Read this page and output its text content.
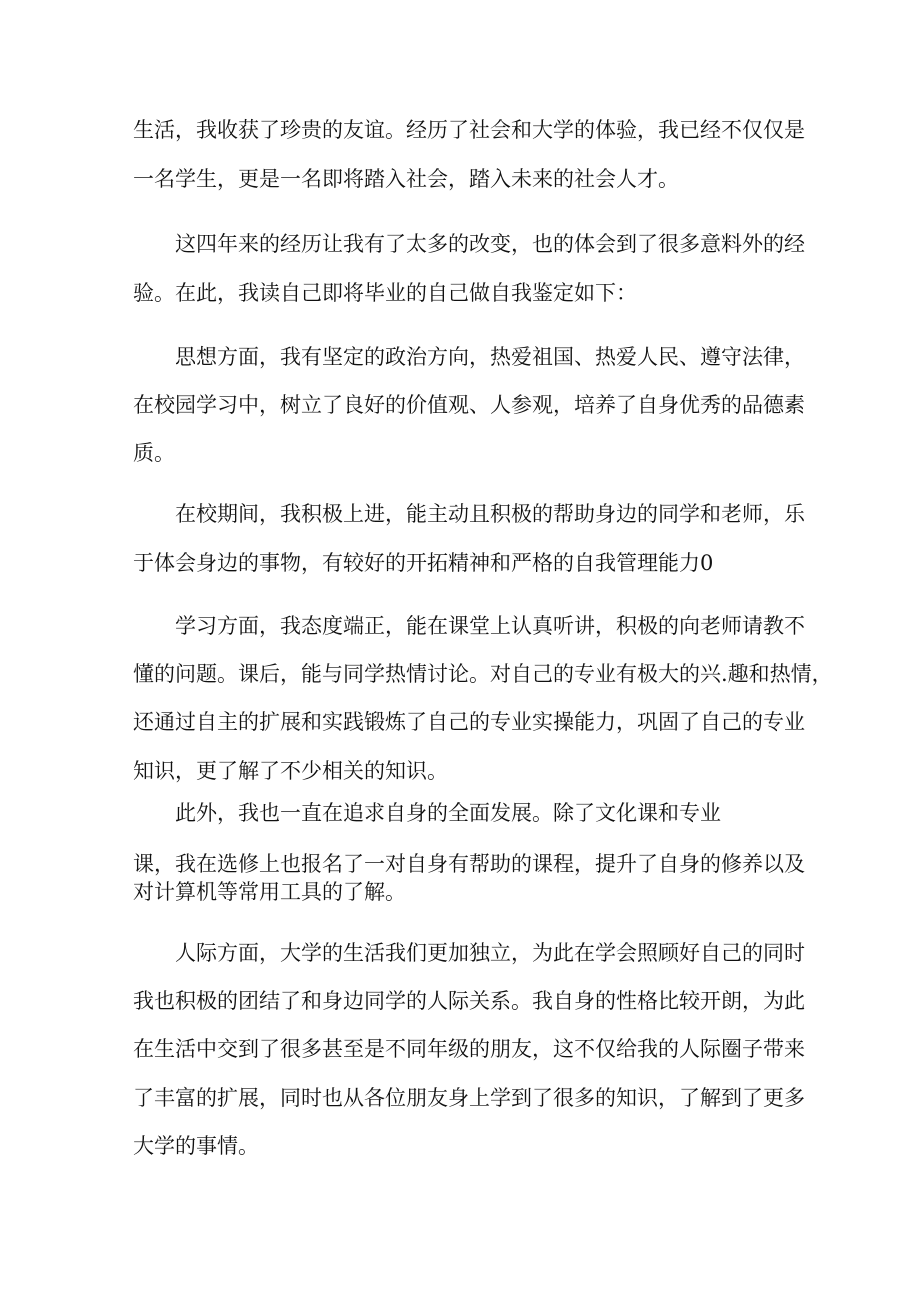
生活，我收获了珍贵的友谊。经历了社会和大学的体验，我已经不仅仅是
一名学生，更是一名即将踏入社会，踏入未来的社会人才。
这四年来的经历让我有了太多的改变，也的体会到了很多意料外的经
验。在此，我读自己即将毕业的自己做自我鉴定如下：
思想方面，我有坚定的政治方向，热爱祖国、热爱人民、遵守法律，
在校园学习中，树立了良好的价值观、人参观，培养了自身优秀的品德素
质。
在校期间，我积极上进，能主动且积极的帮助身边的同学和老师，乐
于体会身边的事物，有较好的开拓精神和严格的自我管理能力0
学习方面，我态度端正，能在课堂上认真听讲，积极的向老师请教不
懂的问题。课后，能与同学热情讨论。对自己的专业有极大的兴.趣和热情，
还通过自主的扩展和实践锻炼了自己的专业实操能力，巩固了自己的专业
知识，更了解了不少相关的知识。
此外，我也一直在追求自身的全面发展。除了文化课和专业
课，我在选修上也报名了一对自身有帮助的课程，提升了自身的修养以及
对计算机等常用工具的了解。
人际方面，大学的生活我们更加独立，为此在学会照顾好自己的同时
我也积极的团结了和身边同学的人际关系。我自身的性格比较开朗，为此
在生活中交到了很多甚至是不同年级的朋友，这不仅给我的人际圈子带来
了丰富的扩展，同时也从各位朋友身上学到了很多的知识，了解到了更多
大学的事情。
